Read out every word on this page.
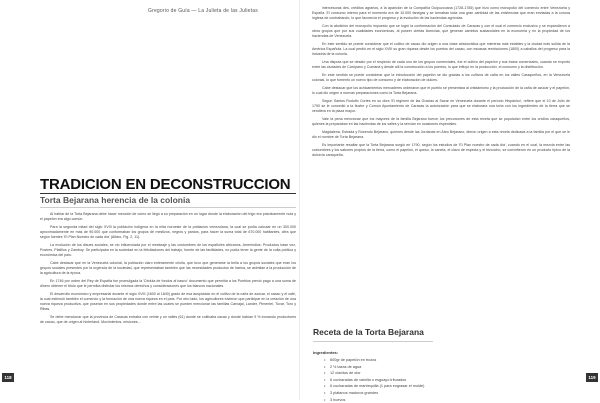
Gregorio de Guía — La Julieta de las Julietas
TRADICION EN DECONSTRUCCION
Torta Bejarana herencia de la colonia

Al hablar de la Torta Bejarana debe hacer mención de cómo se llegó a su preparación en un lugar donde la elaboración del trigo era prácticamente nula y el papelón era algo común.

Para la segunda mitad del siglo XVIII la población indígena en la mita noroeste de la población venezolana, la cual se podía calcular en un 300.000 aproximadamente en más de 90.000 que conformaban los grupos de mestizos, negros y pardos, para hacer la suma total de 670.000 habitantes, cifra que según fuentes 'El Plan Nuestro de cada día' (Alfaro, Fig. 2, 11).

La evolución de los disues sociales, se vio influenciada por el mestizaje y las costumbres de los españoles africanos, Amerindios: Productos base vez, Postres, Platillos y Zamboy. Se participaba en la sociedad en la felicitaciones del trabajo, fuente de las facilidades, no podía tener la gente de la culta política y económica del país.

Cabe destacar que en la Venezuela colonial, la población claro enteramente criolla, que tuvo que generarse la bella a los grupos sociales que eran los grupos sociales presentes por la urgencia de la sociedad, que representaban también que las necesidades productos de harina, se asimilan a la producción de la agricultura de la época.

En 1746 por orden del Rey de España fue promulgada la 'Cédula de fondos al basco' documento que permitía a los Pueblos previo pago a una suma de dinero obtener el título que le permitía disfrutar los mismos derechos y consideraciones que los blancos nacionales.

El desarrollo económico y empresarial durante el siglo XVIII (1600 al 1840) grado de esa auspiciado en el cultivo de la caña de azúcar, el cacao y el café, la cual estimuló también el comercio y la formación de una nueva riqueza en el país. Por otro lado, los agricultores tuvieron que participar en la creación de una nueva riqueza productiva, que poseían en sus propiedades donde entre las cuales se pueden mencionar las familias Carvajal, Lander, Pimentel, Tovar, Toro y Ribas.

Se debe mencionar que la provincia de Caracas entraba con veinte y un valles (61) donde se cultivaba cacao y donde habían 9 % tronando productores de cacao, que de origen al hinterland. Movimientos, misiones...

118

intercesoras des, créditos agrarios, a la aparición de la Compañía Guipuzcoana (1728-1785) que hizo como mónopolio del comercio entre Venezuela y España. El consumo interno para el momento era de 10.000 fanegas y se tornaban toda una gran cantidad de las existencias que eran enviadas a la corona inglesa de contrabando, lo que favorecía el progreso y la evolución de las haciendas agrícolas.

Con la abolición del monopolio impuesto que se logró la conformación del Consulado de Caracas y con el cual el comercio exclusivo y se expandieron a otros grupos que por sus cualidades económicas, al poseer ciertas licencias, que generan cambios sustanciales en la economía y en la propiedad de los haciendas de Venezuela.

En este sentido se puede considerar que el cultivo de cacao dio origen a una clase aristocrática que mientras más estables y la ciudad más solida de la América Española. La cual perdió en el siglo XVIII su gran riqueza desde los puertos del cacao, con escasas restricciones (1800) a caballos del progreso para la industria de la colonia.

Una disputa que se desató por el respecto de cada uno de los grupos comerciales, fue el cultivo del papelón y sus tratos comerciales, cuando se exportó entre las ciudades de Carúpano y Cumaná y desde allí la construcción a los puertos, lo que influyó en la producción, el consumo y la distribución.

En este sentido se puede considerar que la introducción del papelón se dio gracias a los cultivos de caña en los valles Caraqueños, en la Venezuela colonial, lo que fomentó un nuevo tipo de consumo y de elaboración de dulces.

Cabe destacar que los achicamientos mercaderes ordenaron que el pueblo se presentara al cristianismo y la producción de la caña de azúcar y el papelón, lo cual dio origen a nuevas preparaciones como la Torta Bejarana.

Según Santos Rodulfo Cortés en su obra 'El régimen de las Gracias al Sacar en Venezuela durante el período Hispánico', refiere que el 10 de Julio de 1790 se le concedió a la Ilustre y Común Ayuntamiento de Caracas la autorización para que se elaborara una torta con los ingredientes de la tierra que se vendiera en la plaza mayor.

Vale la pena mencionar que los mayores de la familia Bejarano fueron los precursores de esta receta que se popularizó entre los criollos caraqueños, quienes la preparaban en las haciendas de los valles y la servían en ocasiones especiales.

Magdalena, Estrada y Rosendo Bejarano, quienes desde las Jordanas en Ateo Bejarano, dieron origen a esta receta dedicada a la familia por el que se le dio el nombre de Torta Bejarana.

Es importante resaltar que la Torta Bejarana surgió en 1790, según los estudios de 'El Plan nuestro de cada día', cuando en el cual, la mezcla entre las costumbres y los sabores propios de la tierra, como el papelón, el queso, la canela, el clavo de especia y el bizcocho, se convirtieron en un producto típico de la dulcería caraqueña.

Receta de la Torta Bejarana
Ingredientes:
• 600gr de papelón en trozos
• 2 ½ tazas de agua
• 12 clavitos de olor
• 6 cucharadas de vainilla o esguayo triturados
• 6 cucharadas de mantequilla (1 para engrasar el molde)
• 3 plátanos maduros grandes
• 3 huevos
119
